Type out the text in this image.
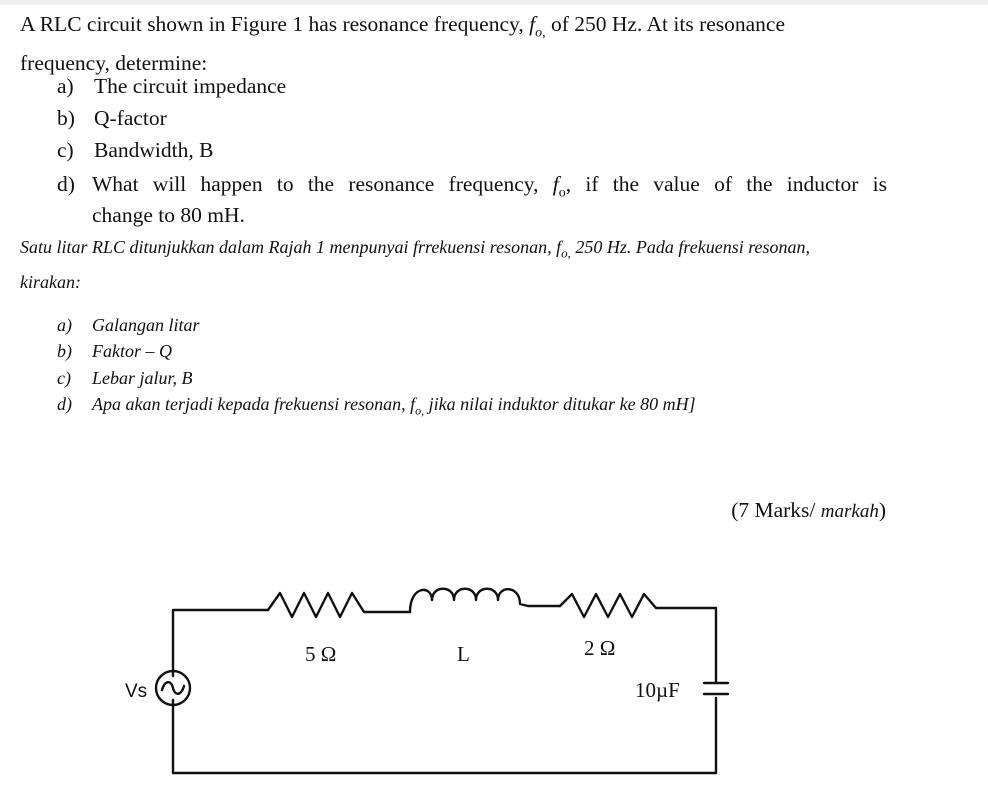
A RLC circuit shown in Figure 1 has resonance frequency, $f_{o,}$ of 250 Hz. At its resonance

frequency, determine:

a) The circuit impedance
b) Q-factor
c) Bandwidth, B
d) What will happen to the resonance frequency, $f_o$, if the value of the inductor is
change to 80 mH.
Satu litar RLC ditunjukkan dalam Rajah 1 menpunyai frrekuensi resonan, $f_{o,}$ 250 Hz. Pada frekuensi resonan,
kirakan:
a) Galangan litar
b) Faktor – Q
c) Lebar jalur, B
d) Apa akan terjadi kepada frekuensi resonan, $f_{o,}$ jika nilai induktor ditukar ke 80 mH]
(7 Marks/ markah)
Vs
5 Ω	L	2 Ω
10µF
